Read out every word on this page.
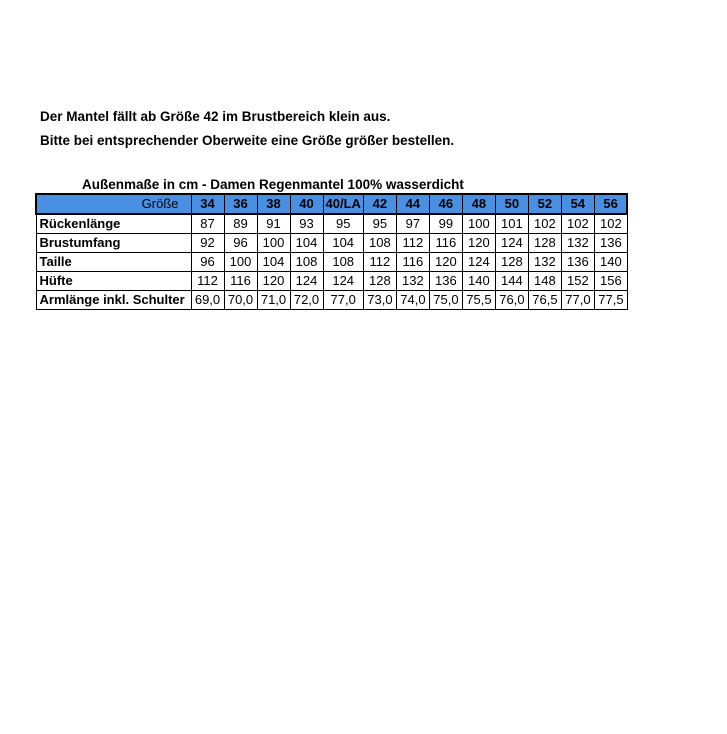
Der Mantel fällt ab Größe 42 im Brustbereich klein aus.
Bitte bei entsprechender Oberweite eine Größe größer bestellen.
Außenmaße in cm - Damen Regenmantel 100% wasserdicht
Größe	34	36	38	40	40/LA	42	44	46	48	50	52	54	56
Rückenlänge	87	89	91	93	95	95	97	99	100	101	102	102	102
Brustumfang	92	96	100	104	104	108	112	116	120	124	128	132	136
Taille	96	100	104	108	108	112	116	120	124	128	132	136	140
Hüfte	112	116	120	124	124	128	132	136	140	144	148	152	156
Armlänge inkl. Schulter	69,0	70,0	71,0	72,0	77,0	73,0	74,0	75,0	75,5	76,0	76,5	77,0	77,5
